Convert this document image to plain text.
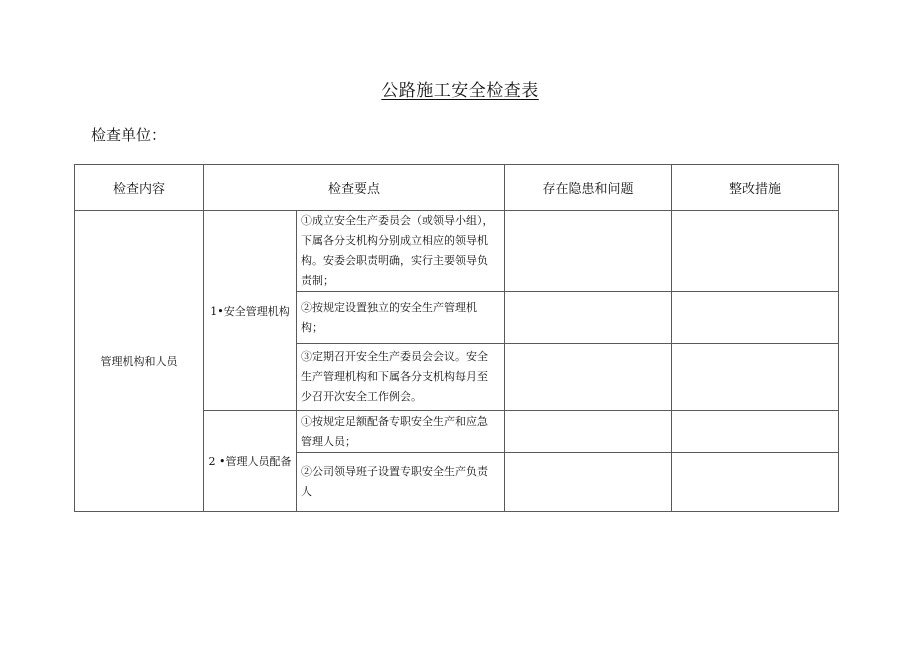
公路施工安全检查表
检查单位：
检查内容	检查要点		存在隐患和问题	整改措施
管理机构和人员	1•安全管理机构	①成立安全生产委员会（或领导小组），下属各分支机构分别成立相应的领导机 构。安委会职责明确，实行主要领导负 责制；		

		②按规定设置独立的安全生产管理机 构；		

		③定期召开安全生产委员会会议。安全 生产管理机构和下属各分支机构每月至 少召开次安全工作例会。		

	2 •管理人员配备	①按规定足额配备专职安全生产和应急 管理人员；		

		②公司领导班子设置专职安全生产负责 人		
